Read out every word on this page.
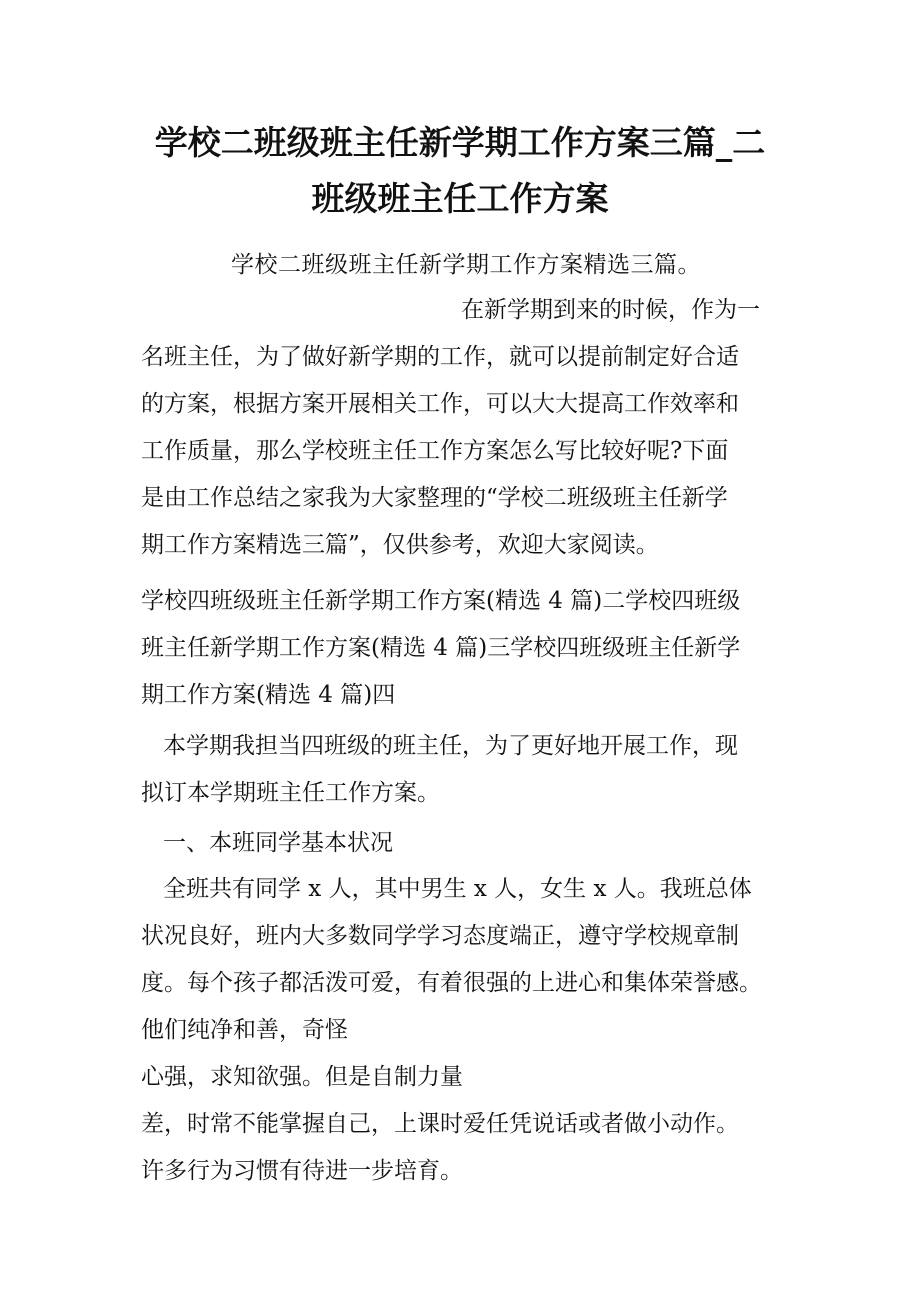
学校二班级班主任新学期工作方案三篇_二
班级班主任工作方案
学校二班级班主任新学期工作方案精选三篇。
在新学期到来的时候，作为一
名班主任，为了做好新学期的工作，就可以提前制定好合适
的方案，根据方案开展相关工作，可以大大提高工作效率和
工作质量，那么学校班主任工作方案怎么写比较好呢?下面
是由工作总结之家我为大家整理的“学校二班级班主任新学
期工作方案精选三篇”，仅供参考，欢迎大家阅读。
学校四班级班主任新学期工作方案(精选 4 篇)二学校四班级
班主任新学期工作方案(精选 4 篇)三学校四班级班主任新学
期工作方案(精选 4 篇)四
本学期我担当四班级的班主任，为了更好地开展工作，现
拟订本学期班主任工作方案。
一、本班同学基本状况
全班共有同学 x 人，其中男生 x 人，女生 x 人。我班总体
状况良好，班内大多数同学学习态度端正，遵守学校规章制
度。每个孩子都活泼可爱，有着很强的上进心和集体荣誉感。
他们纯净和善，奇怪
心强，求知欲强。但是自制力量
差，时常不能掌握自己，上课时爱任凭说话或者做小动作。
许多行为习惯有待进一步培育。
